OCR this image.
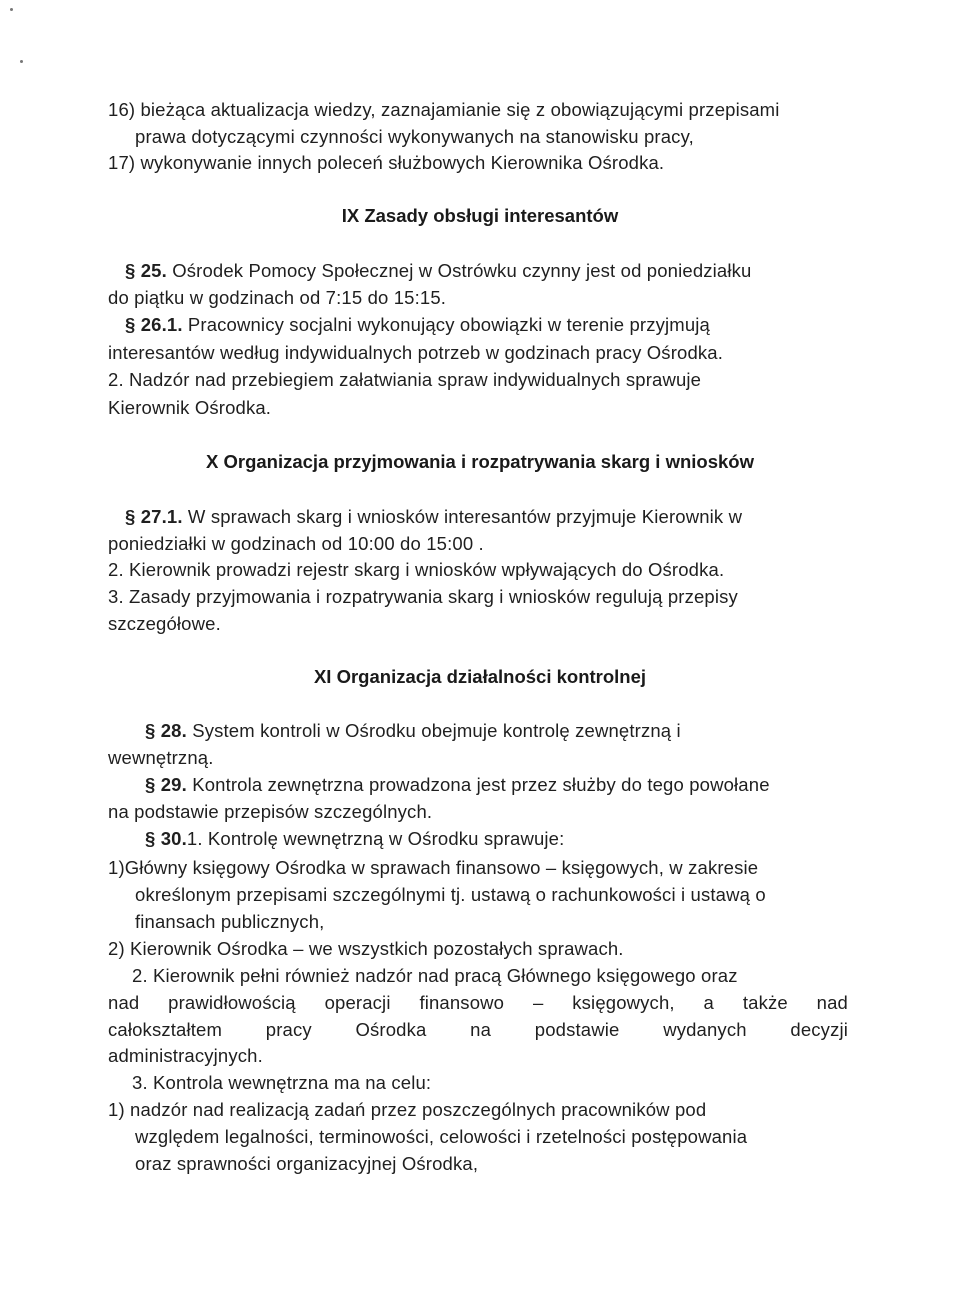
16) bieżąca aktualizacja wiedzy, zaznajamianie się z obowiązującymi przepisami
prawa dotyczącymi czynności wykonywanych na stanowisku pracy,
17) wykonywanie innych poleceń służbowych Kierownika Ośrodka.
IX Zasady obsługi interesantów
§ 25. Ośrodek Pomocy Społecznej w Ostrówku czynny jest od poniedziałku
do piątku w godzinach od 7:15 do 15:15.
§ 26.1. Pracownicy socjalni wykonujący obowiązki w terenie przyjmują
interesantów według indywidualnych potrzeb w godzinach pracy Ośrodka.
2. Nadzór nad przebiegiem załatwiania spraw indywidualnych sprawuje
Kierownik Ośrodka.
X Organizacja przyjmowania i rozpatrywania skarg i wniosków
§ 27.1. W sprawach skarg i wniosków interesantów przyjmuje Kierownik w
poniedziałki w godzinach od 10:00 do 15:00 .
2. Kierownik prowadzi rejestr skarg i wniosków wpływających do Ośrodka.
3. Zasady przyjmowania i rozpatrywania skarg i wniosków regulują przepisy
szczegółowe.
XI Organizacja działalności kontrolnej
§ 28. System kontroli w Ośrodku obejmuje kontrolę zewnętrzną i
wewnętrzną.
§ 29. Kontrola zewnętrzna prowadzona jest przez służby do tego powołane
na podstawie przepisów szczególnych.
§ 30.1. Kontrolę wewnętrzną w Ośrodku sprawuje:
1)Główny księgowy Ośrodka w sprawach finansowo – księgowych, w zakresie
określonym przepisami szczególnymi tj. ustawą o rachunkowości i ustawą o
finansach publicznych,
2) Kierownik Ośrodka – we wszystkich pozostałych sprawach.
2. Kierownik pełni również nadzór nad pracą Głównego księgowego oraz
nad prawidłowością operacji finansowo – księgowych, a także nad
całokształtem pracy Ośrodka na podstawie wydanych decyzji
administracyjnych.
3. Kontrola wewnętrzna ma na celu:
1) nadzór nad realizacją zadań przez poszczególnych pracowników pod
względem legalności, terminowości, celowości i rzetelności postępowania
oraz sprawności organizacyjnej Ośrodka,
